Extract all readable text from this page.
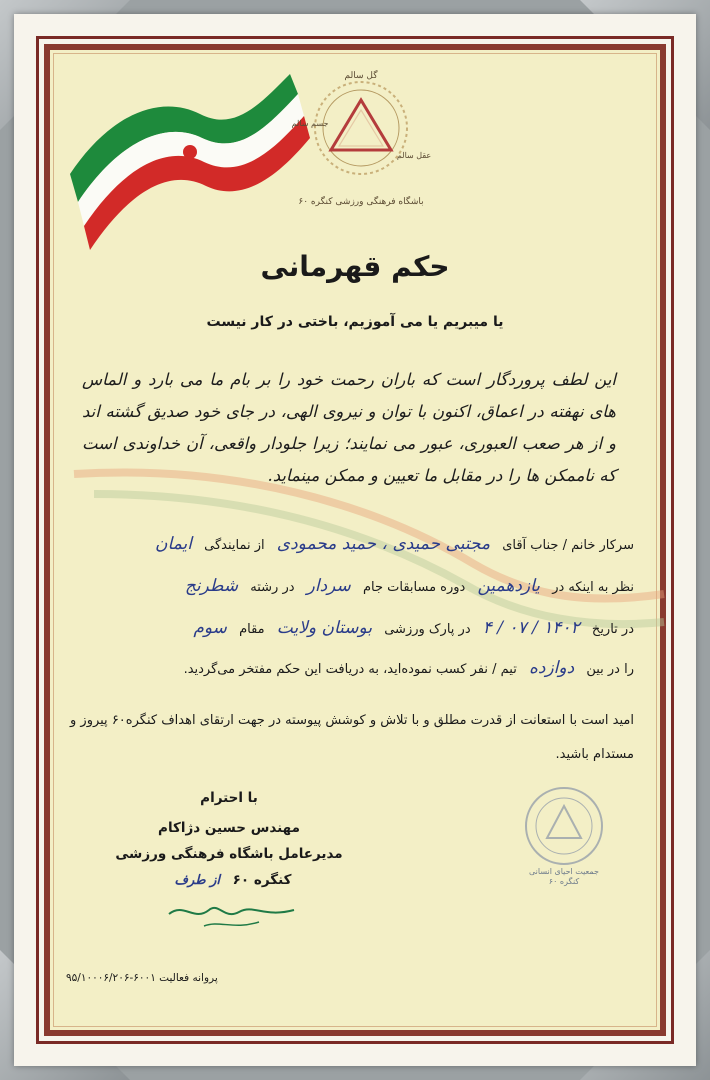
گل سالم
جسم سالم
عقل سالم
باشگاه فرهنگی ورزشی کنگره ۶۰
حکم قهرمانی
یا میبریم یا می آموزیم، باختی در کار نیست
این لطف پروردگار است که باران رحمت خود را بر بام ما می بارد و الماس های نهفته در اعماق، اکنون با توان و نیروی الهی، در جای خود صدیق گشته اند و از هر صعب العبوری، عبور می نمایند؛ زیرا جلودار واقعی، آن خداوندی است که ناممکن ها را در مقابل ما تعیین و ممکن مینماید.
سرکار خانم / جناب آقای مجتبی حمیدی ، حمید محمودی از نمایندگی ایمان
نظر به اینکه در یازدهمین دوره مسابقات جام سردار در رشته شطرنج
در تاریخ ۱۴۰۲ / ۰۷ / ۴ در پارک ورزشی بوستان ولایت مقام سوم
را در بین دوازده تیم / نفر کسب نموده‌اید، به دریافت این حکم مفتخر می‌گردید.
امید است با استعانت از قدرت مطلق و با تلاش و کوشش پیوسته در جهت ارتقای اهداف کنگره۶۰ پیروز و مستدام باشید.
با احترام
مهندس حسین دژاکام
مدیرعامل باشگاه فرهنگی ورزشی
کنگره ۶۰ از طرف
جمعیت احیای انسانی
کنگره ۶۰
پروانه فعالیت ۶۰۰۱-۹۵/۱۰۰۰۶/۲۰۶
